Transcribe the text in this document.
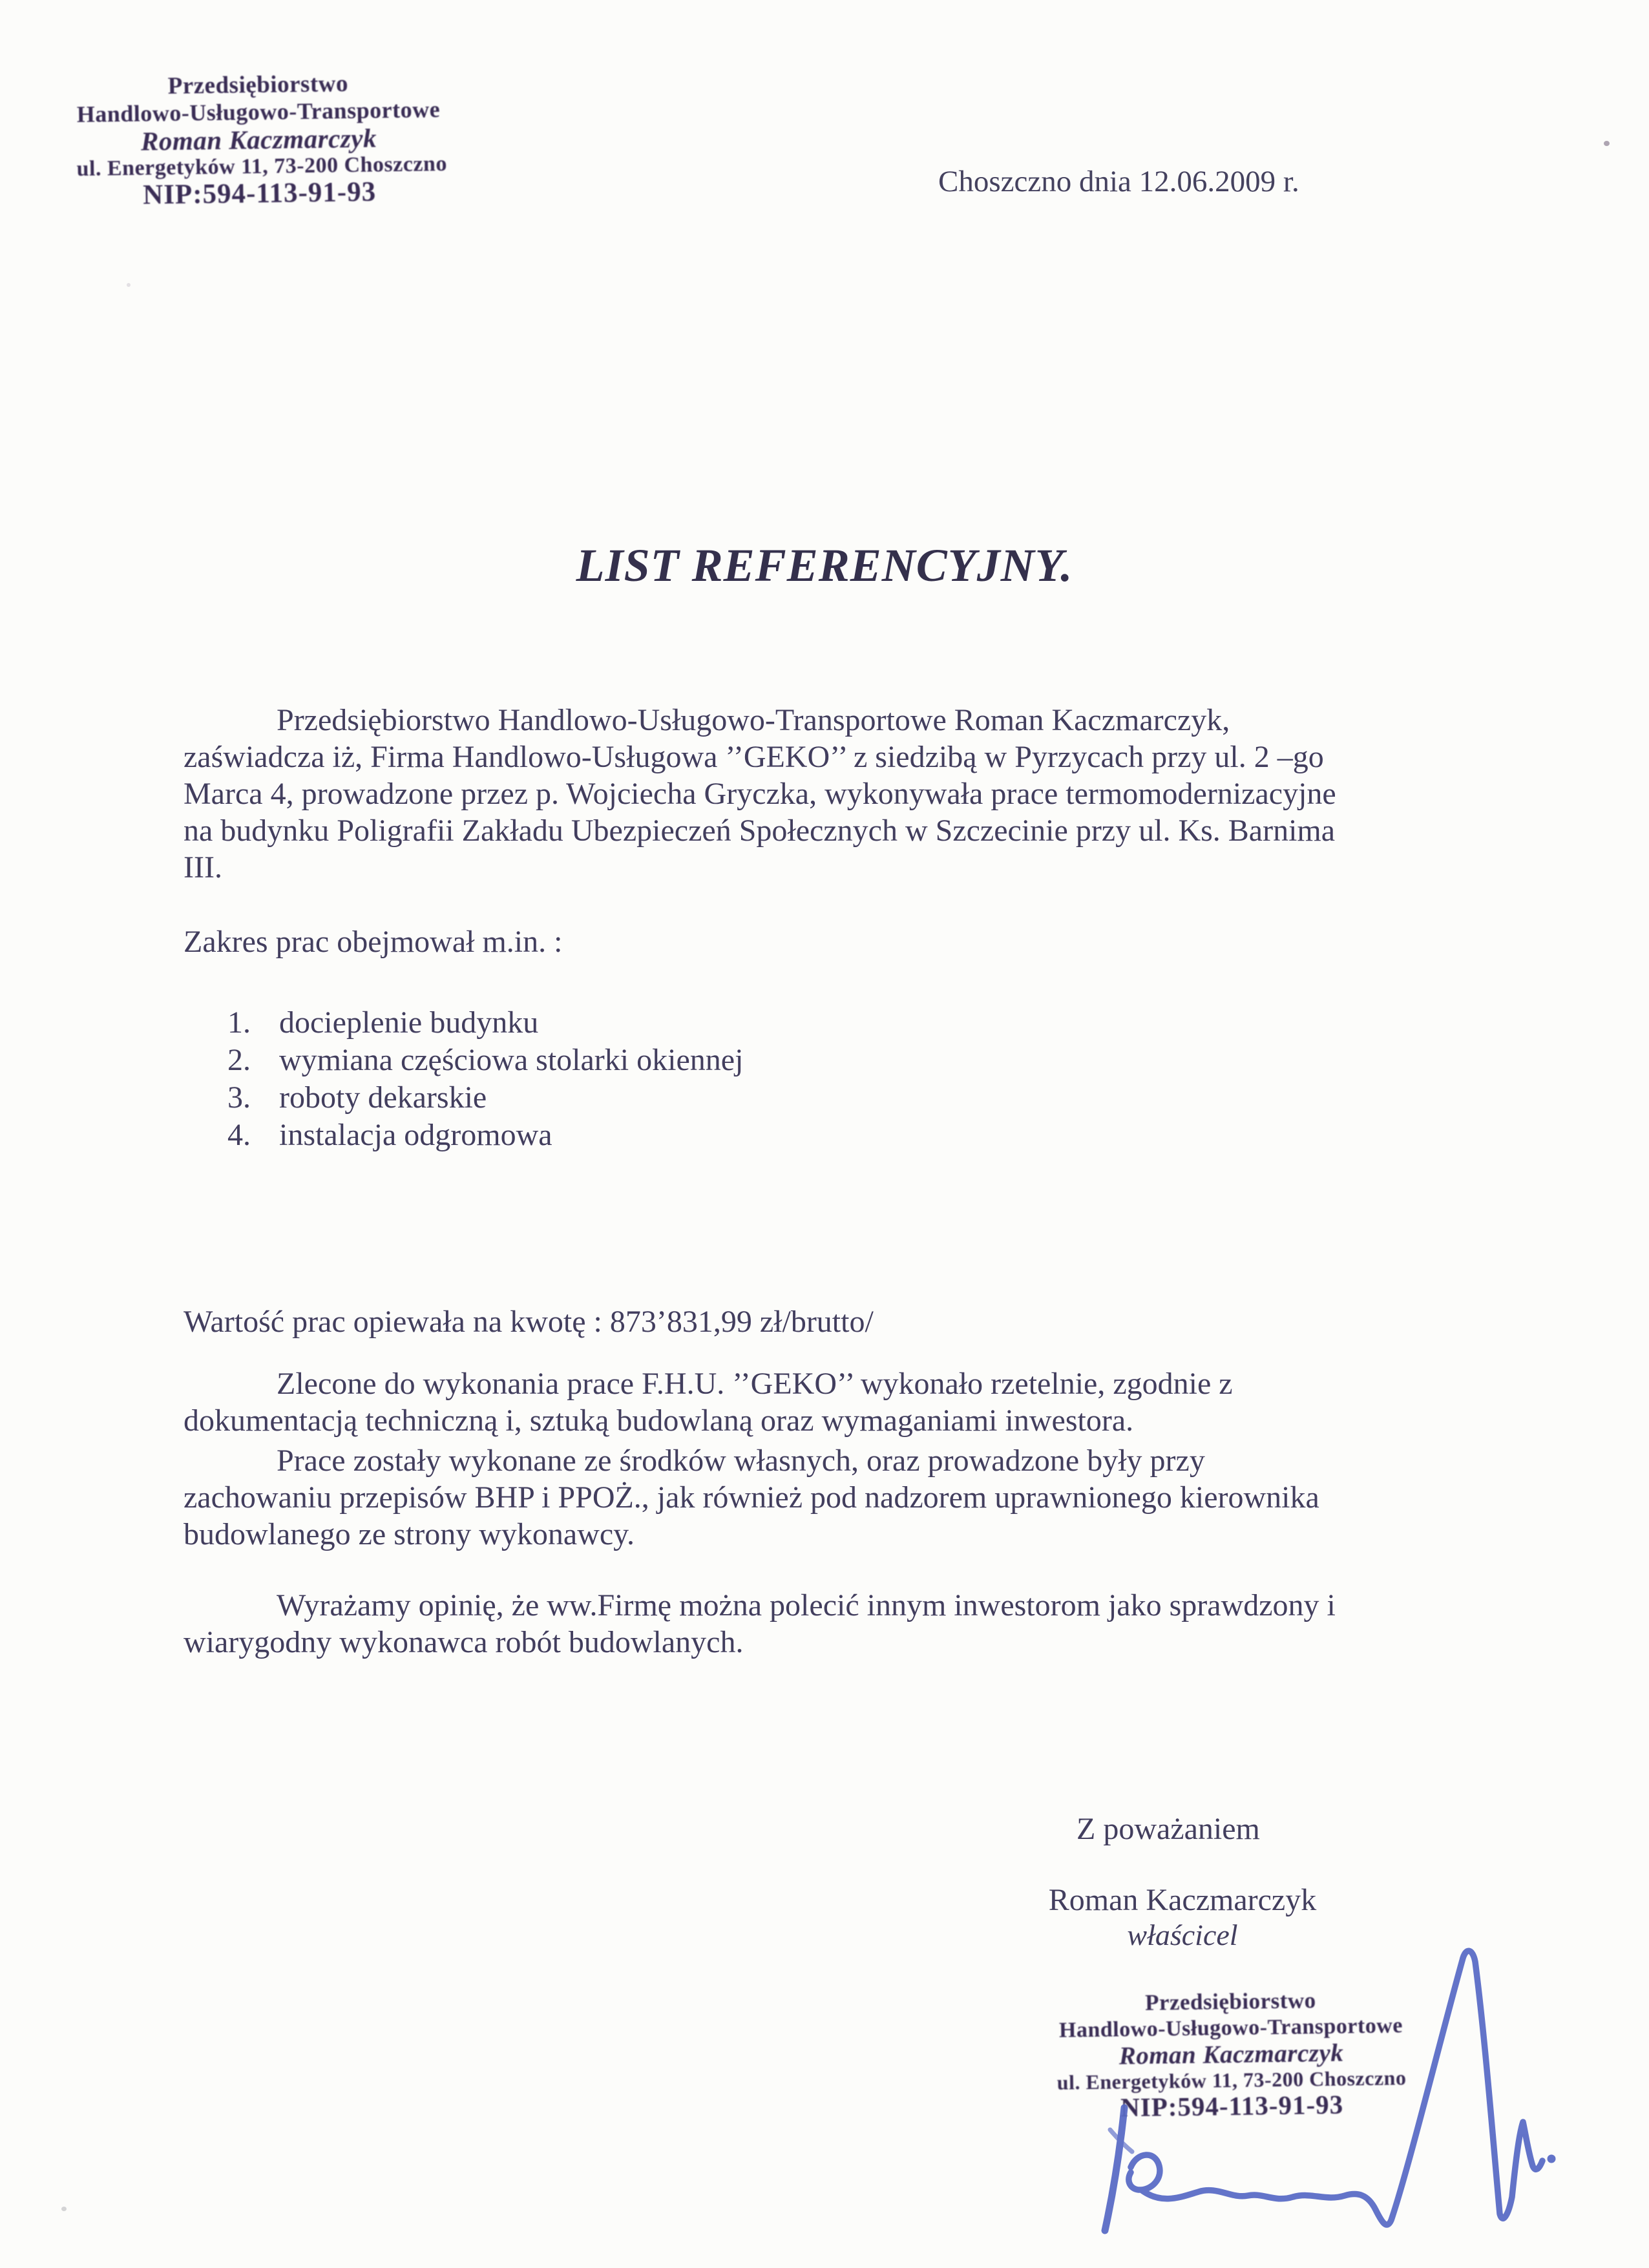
Przedsiębiorstwo
Handlowo-Usługowo-Transportowe
Roman Kaczmarczyk
ul. Energetyków 11, 73-200 Choszczno
NIP:594-113-91-93	Choszczno dnia 12.06.2009 r.
LIST REFERENCYJNY.
Przedsiębiorstwo Handlowo-Usługowo-Transportowe Roman Kaczmarczyk,
zaświadcza iż, Firma Handlowo-Usługowa ’’GEKO’’ z siedzibą w Pyrzycach przy ul. 2 –go
Marca 4, prowadzone przez p. Wojciecha Gryczka, wykonywała prace termomodernizacyjne
na budynku Poligrafii Zakładu Ubezpieczeń Społecznych w Szczecinie przy ul. Ks. Barnima
III.
Zakres prac obejmował m.in. :
1. docieplenie budynku
2. wymiana częściowa stolarki okiennej
3. roboty dekarskie
4. instalacja odgromowa
Wartość prac opiewała na kwotę : 873’831,99 zł/brutto/
Zlecone do wykonania prace F.H.U. ’’GEKO’’ wykonało rzetelnie, zgodnie z
dokumentacją techniczną i, sztuką budowlaną oraz wymaganiami inwestora.
Prace zostały wykonane ze środków własnych, oraz prowadzone były przy
zachowaniu przepisów BHP i PPOŻ., jak również pod nadzorem uprawnionego kierownika
budowlanego ze strony wykonawcy.
Wyrażamy opinię, że ww.Firmę można polecić innym inwestorom jako sprawdzony i
wiarygodny wykonawca robót budowlanych.
Z poważaniem
Roman Kaczmarczyk
właścicel
Przedsiębiorstwo
Handlowo-Usługowo-Transportowe
Roman Kaczmarczyk
ul. Energetyków 11, 73-200 Choszczno
NIP:594-113-91-93
